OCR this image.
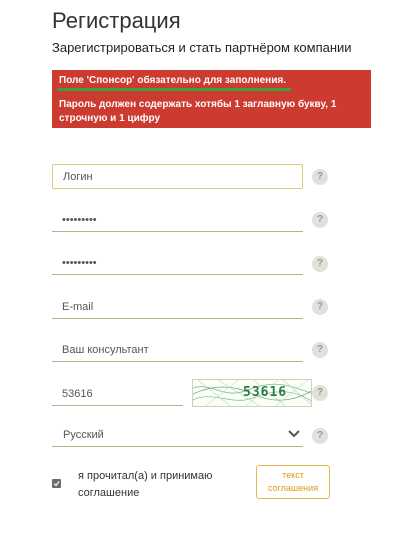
Регистрация
Зарегистрироваться и стать партнёром компании
Поле 'Спонсор' обязательно для заполнения.
Пароль должен содержать хотябы 1 заглавную букву, 1 строчную и 1 цифру
Логин
?
•••••••••
?
•••••••••
?
E-mail
?
Ваш консультант
?
53616
53616	?
Русский	?
я прочитал(а) и принимаю соглашение
текст соглашения
